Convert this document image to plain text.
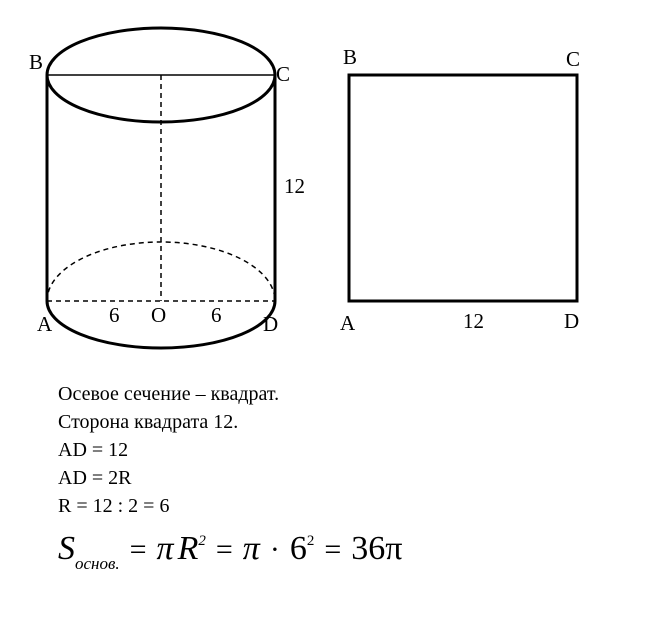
B	C
12
A	6 O 6 D
B	C
A	12	D
Осевое сечение – квадрат.
Сторона квадрата 12.
AD = 12
AD = 2R
R = 12 : 2 = 6
Sоснов. = π R2 = π · 62 = 36π
